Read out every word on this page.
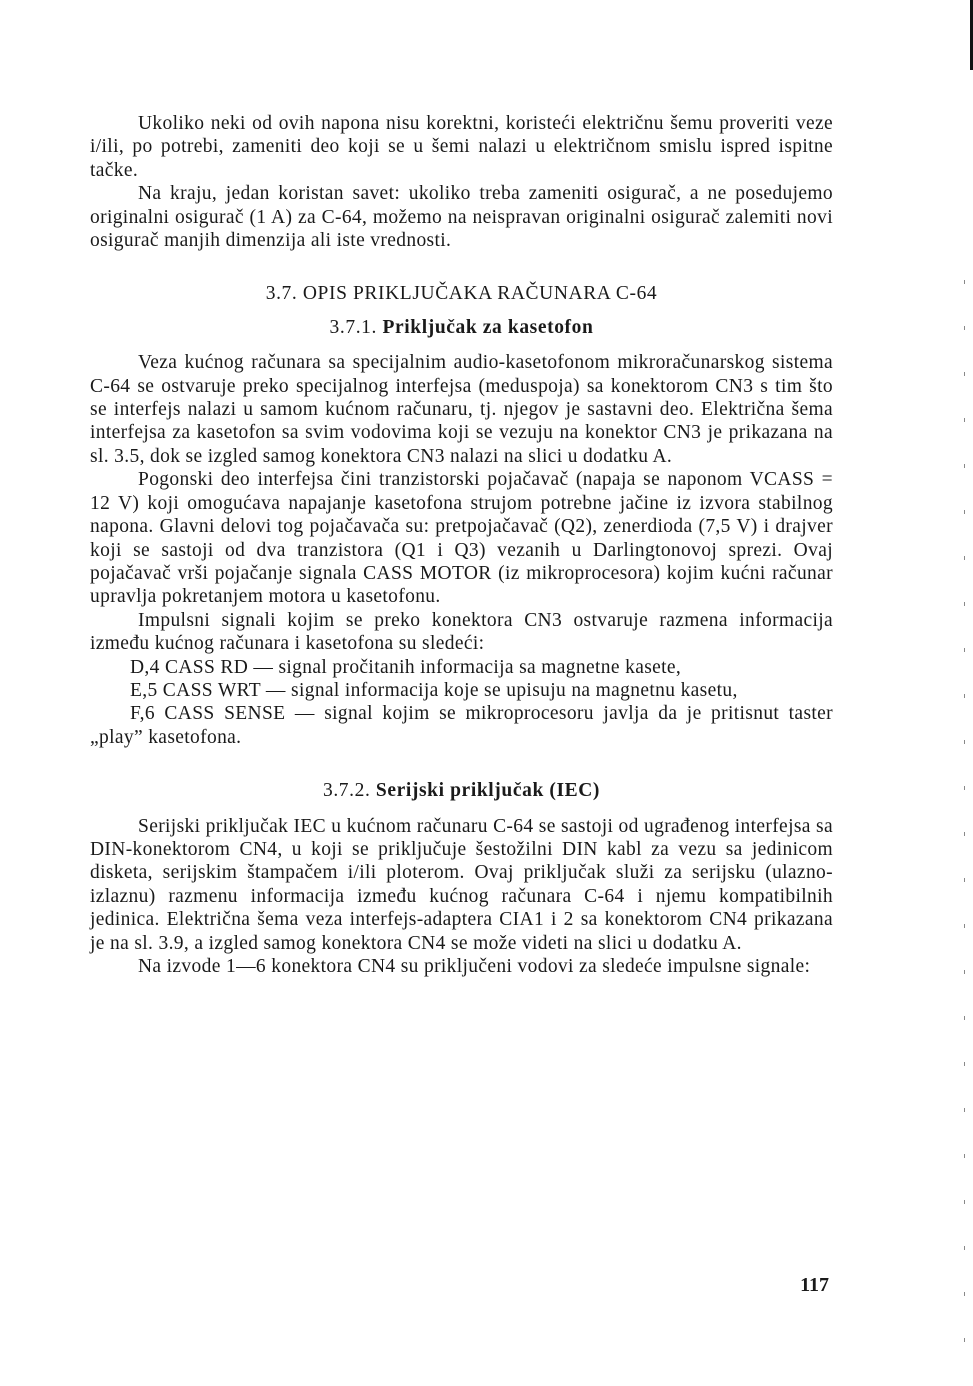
Ukoliko neki od ovih napona nisu korektni, koristeći električnu šemu proveriti veze i/ili, po potrebi, zameniti deo koji se u šemi nalazi u električnom smislu ispred ispitne tačke.

Na kraju, jedan koristan savet: ukoliko treba zameniti osigurač, a ne posedujemo originalni osigurač (1 A) za C-64, možemo na neispravan originalni osigurač zalemiti novi osigurač manjih dimenzija ali iste vrednosti.

3.7. OPIS PRIKLJUČAKA RAČUNARA C-64
3.7.1. Priključak za kasetofon

Veza kućnog računara sa specijalnim audio-kasetofonom mikroračunarskog sistema C-64 se ostvaruje preko specijalnog interfejsa (meduspoja) sa konektorom CN3 s tim što se interfejs nalazi u samom kućnom računaru, tj. njegov je sastavni deo. Električna šema interfejsa za kasetofon sa svim vodovima koji se vezuju na konektor CN3 je prikazana na sl. 3.5, dok se izgled samog konektora CN3 nalazi na slici u dodatku A.

Pogonski deo interfejsa čini tranzistorski pojačavač (napaja se naponom VCASS = 12 V) koji omogućava napajanje kasetofona strujom potrebne jačine iz izvora stabilnog napona. Glavni delovi tog pojačavača su: pretpojačavač (Q2), zenerdioda (7,5 V) i drajver koji se sastoji od dva tranzistora (Q1 i Q3) vezanih u Darlingtonovoj sprezi. Ovaj pojačavač vrši pojačanje signala CASS MOTOR (iz mikroprocesora) kojim kućni računar upravlja pokretanjem motora u kasetofonu.

Impulsni signali kojim se preko konektora CN3 ostvaruje razmena informacija između kućnog računara i kasetofona su sledeći:

D,4 CASS RD — signal pročitanih informacija sa magnetne kasete,

E,5 CASS WRT — signal informacija koje se upisuju na magnetnu kasetu,

F,6 CASS SENSE — signal kojim se mikroprocesoru javlja da je pritisnut taster „play” kasetofona.

3.7.2. Serijski priključak (IEC)

Serijski priključak IEC u kućnom računaru C-64 se sastoji od ugrađenog interfejsa sa DIN-konektorom CN4, u koji se priključuje šestožilni DIN kabl za vezu sa jedinicom disketa, serijskim štampačem i/ili ploterom. Ovaj priključak služi za serijsku (ulazno-izlaznu) razmenu informacija između kućnog računara C-64 i njemu kompatibilnih jedinica. Električna šema veza interfejs-adaptera CIA1 i 2 sa konektorom CN4 prikazana je na sl. 3.9, a izgled samog konektora CN4 se može videti na slici u dodatku A.

Na izvode 1—6 konektora CN4 su priključeni vodovi za sledeće impulsne signale:

117
